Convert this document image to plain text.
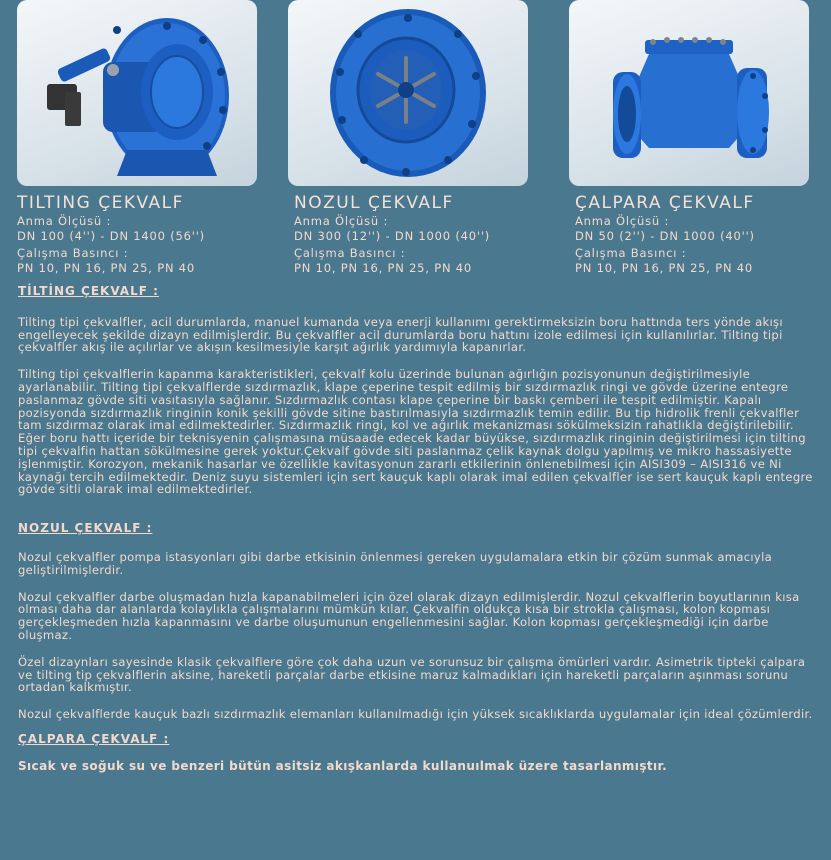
TILTING ÇEKVALF
Anma Ölçüsü :
DN 100 (4'') - DN 1400 (56'')
Çalışma Basıncı :
PN 10, PN 16, PN 25, PN 40
NOZUL ÇEKVALF
Anma Ölçüsü :
DN 300 (12'') - DN 1000 (40'')
Çalışma Basıncı :
PN 10, PN 16, PN 25, PN 40
ÇALPARA ÇEKVALF
Anma Ölçüsü :
DN 50 (2'') - DN 1000 (40'')
Çalışma Basıncı :
PN 10, PN 16, PN 25, PN 40
TİLTİNG ÇEKVALF :

Tilting tipi çekvalfler, acil durumlarda, manuel kumanda veya enerji kullanımı gerektirmeksizin boru hattında ters yönde akışı engelleyecek şekilde dizayn edilmişlerdir. Bu çekvalfler acil durumlarda boru hattını izole edilmesi için kullanılırlar. Tilting tipi çekvalfler akış ile açılırlar ve akışın kesilmesiyle karşıt ağırlık yardımıyla kapanırlar.

Tilting tipi çekvalflerin kapanma karakteristikleri, çekvalf kolu üzerinde bulunan ağırlığın pozisyonunun değiştirilmesiyle ayarlanabilir. Tilting tipi çekvalflerde sızdırmazlık, klape çeperine tespit edilmiş bir sızdırmazlık ringi ve gövde üzerine entegre paslanmaz gövde siti vasıtasıyla sağlanır. Sızdırmazlık contası klape çeperine bir baskı çemberi ile tespit edilmiştir. Kapalı pozisyonda sızdırmazlık ringinin konik şekilli gövde sitine bastırılmasıyla sızdırmazlık temin edilir. Bu tip hidrolik frenli çekvalfler tam sızdırmaz olarak imal edilmektedirler. Sızdırmazlık ringi, kol ve ağırlık mekanizması sökülmeksizin rahatlıkla değiştirilebilir. Eğer boru hattı içeride bir teknisyenin çalışmasına müsaade edecek kadar büyükse, sızdırmazlık ringinin değiştirilmesi için tilting tipi çekvalfin hattan sökülmesine gerek yoktur.Çekvalf gövde siti paslanmaz çelik kaynak dolgu yapılmış ve mikro hassasiyette işlenmiştir. Korozyon, mekanik hasarlar ve özellikle kavitasyonun zararlı etkilerinin önlenebilmesi için AISI309 – AISI316 ve Ni kaynağı tercih edilmektedir. Deniz suyu sistemleri için sert kauçuk kaplı olarak imal edilen çekvalfler ise sert kauçuk kaplı entegre gövde sitli olarak imal edilmektedirler.

NOZUL ÇEKVALF :

Nozul çekvalfler pompa istasyonları gibi darbe etkisinin önlenmesi gereken uygulamalara etkin bir çözüm sunmak amacıyla geliştirilmişlerdir.

Nozul çekvalfler darbe oluşmadan hızla kapanabilmeleri için özel olarak dizayn edilmişlerdir. Nozul çekvalflerin boyutlarının kısa olması daha dar alanlarda kolaylıkla çalışmalarını mümkün kılar. Çekvalfin oldukça kısa bir strokla çalışması, kolon kopması gerçekleşmeden hızla kapanmasını ve darbe oluşumunun engellenmesini sağlar. Kolon kopması gerçekleşmediği için darbe oluşmaz.

Özel dizaynları sayesinde klasik çekvalflere göre çok daha uzun ve sorunsuz bir çalışma ömürleri vardır. Asimetrik tipteki çalpara ve tilting tip çekvalflerin aksine, hareketli parçalar darbe etkisine maruz kalmadıkları için hareketli parçaların aşınması sorunu ortadan kalkmıştır.

Nozul çekvalflerde kauçuk bazlı sızdırmazlık elemanları kullanılmadığı için yüksek sıcaklıklarda uygulamalar için ideal çözümlerdir.

ÇALPARA ÇEKVALF :

Sıcak ve soğuk su ve benzeri bütün asitsiz akışkanlarda kullanuılmak üzere tasarlanmıştır.
